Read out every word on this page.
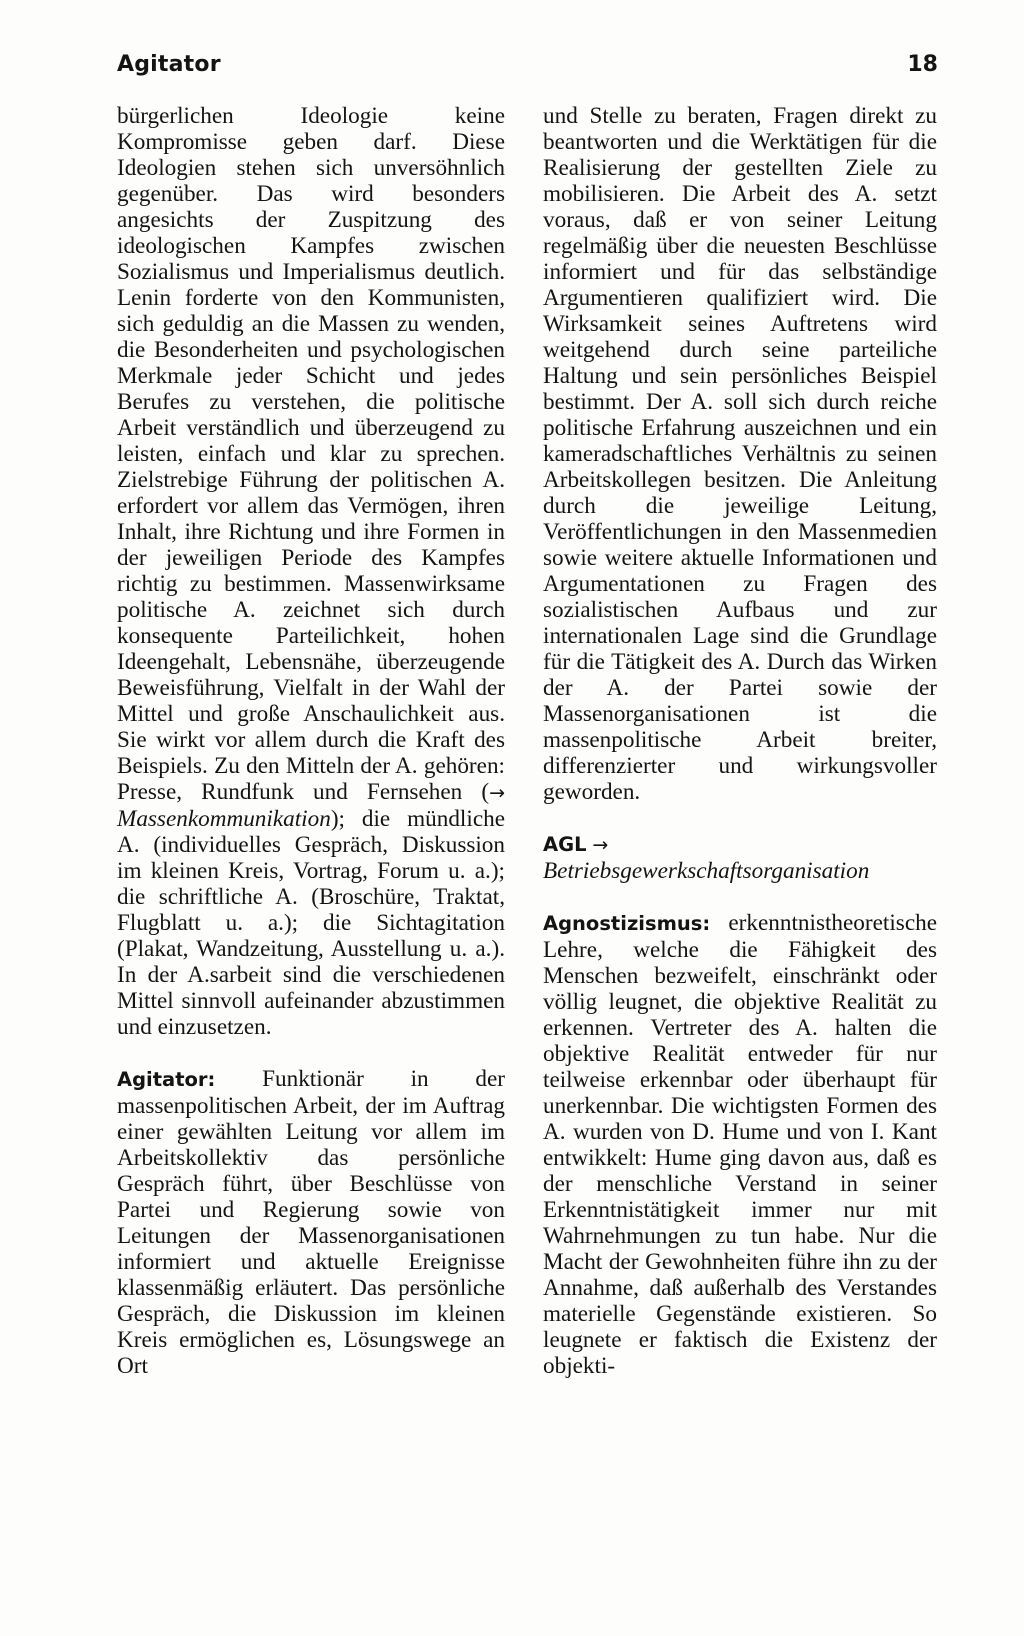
Agitator	18

bürgerlichen Ideologie keine Kompromisse geben darf. Diese Ideologien stehen sich unversöhnlich gegenüber. Das wird besonders angesichts der Zuspitzung des ideologischen Kampfes zwischen Sozialismus und Imperialismus deutlich. Lenin forderte von den Kommunisten, sich geduldig an die Massen zu wenden, die Besonderheiten und psychologischen Merkmale jeder Schicht und jedes Berufes zu verstehen, die politische Arbeit verständlich und überzeugend zu leisten, einfach und klar zu sprechen. Zielstrebige Führung der politischen A. erfordert vor allem das Vermögen, ihren Inhalt, ihre Richtung und ihre Formen in der jeweiligen Periode des Kampfes richtig zu bestimmen. Massenwirksame politische A. zeichnet sich durch konsequente Parteilichkeit, hohen Ideengehalt, Lebensnähe, überzeugende Beweisführung, Vielfalt in der Wahl der Mittel und große Anschaulichkeit aus. Sie wirkt vor allem durch die Kraft des Beispiels. Zu den Mitteln der A. gehören: Presse, Rundfunk und Fernsehen (→ Massenkommunikation); die mündliche A. (individuelles Gespräch, Diskussion im kleinen Kreis, Vortrag, Forum u. a.); die schriftliche A. (Broschüre, Traktat, Flugblatt u. a.); die Sichtagitation (Plakat, Wandzeitung, Ausstellung u. a.). In der A.sarbeit sind die verschiedenen Mittel sinnvoll aufeinander abzustimmen und einzusetzen.

Agitator: Funktionär in der massenpolitischen Arbeit, der im Auftrag einer gewählten Leitung vor allem im Arbeitskollektiv das persönliche Gespräch führt, über Beschlüsse von Partei und Regierung sowie von Leitungen der Massenorganisationen informiert und aktuelle Ereignisse klassenmäßig erläutert. Das persönliche Gespräch, die Diskussion im kleinen Kreis ermöglichen es, Lösungswege an Ort

und Stelle zu beraten, Fragen direkt zu beantworten und die Werktätigen für die Realisierung der gestellten Ziele zu mobilisieren. Die Arbeit des A. setzt voraus, daß er von seiner Leitung regelmäßig über die neuesten Beschlüsse informiert und für das selbständige Argumentieren qualifiziert wird. Die Wirksamkeit seines Auftretens wird weitgehend durch seine parteiliche Haltung und sein persönliches Beispiel bestimmt. Der A. soll sich durch reiche politische Erfahrung auszeichnen und ein kameradschaftliches Verhältnis zu seinen Arbeitskollegen besitzen. Die Anleitung durch die jeweilige Leitung, Veröffentlichungen in den Massenmedien sowie weitere aktuelle Informationen und Argumentationen zu Fragen des sozialistischen Aufbaus und zur internationalen Lage sind die Grundlage für die Tätigkeit des A. Durch das Wirken der A. der Partei sowie der Massenorganisationen ist die massenpolitische Arbeit breiter, differenzierter und wirkungsvoller geworden.

AGL → Betriebsgewerkschaftsorganisation

Agnostizismus: erkenntnistheoretische Lehre, welche die Fähigkeit des Menschen bezweifelt, einschränkt oder völlig leugnet, die objektive Realität zu erkennen. Vertreter des A. halten die objektive Realität entweder für nur teilweise erkennbar oder überhaupt für unerkennbar. Die wichtigsten Formen des A. wurden von D. Hume und von I. Kant entwikkelt: Hume ging davon aus, daß es der menschliche Verstand in seiner Erkenntnistätigkeit immer nur mit Wahrnehmungen zu tun habe. Nur die Macht der Gewohnheiten führe ihn zu der Annahme, daß außerhalb des Verstandes materielle Gegenstände existieren. So leugnete er faktisch die Existenz der objekti-
